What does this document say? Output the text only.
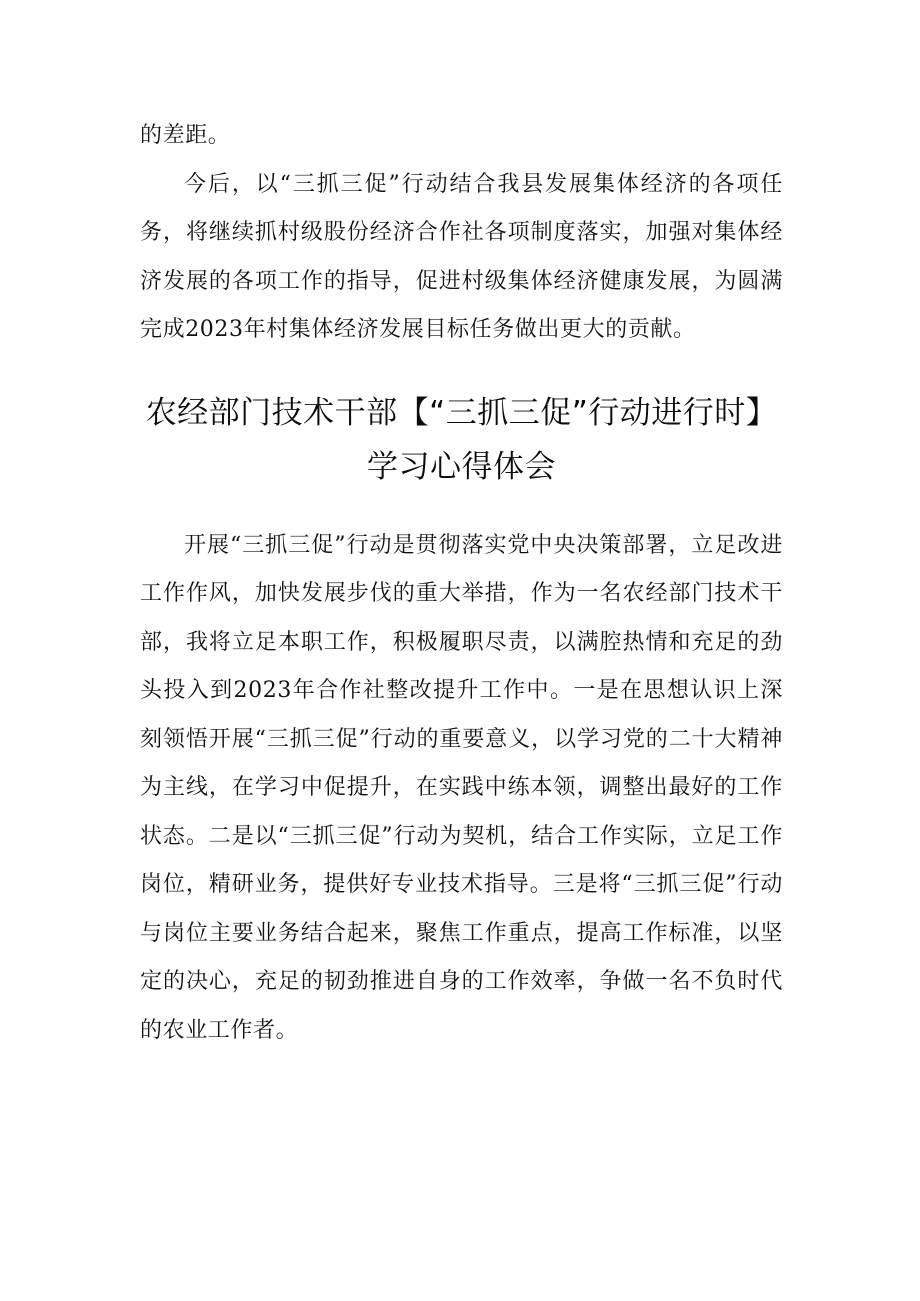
的差距。

今后，以“三抓三促”行动结合我县发展集体经济的各项任务，将继续抓村级股份经济合作社各项制度落实，加强对集体经济发展的各项工作的指导，促进村级集体经济健康发展，为圆满完成2023年村集体经济发展目标任务做出更大的贡献。

农经部门技术干部【“三抓三促”行动进行时】学习心得体会

开展“三抓三促”行动是贯彻落实党中央决策部署，立足改进工作作风，加快发展步伐的重大举措，作为一名农经部门技术干部，我将立足本职工作，积极履职尽责，以满腔热情和充足的劲头投入到2023年合作社整改提升工作中。一是在思想认识上深刻领悟开展“三抓三促”行动的重要意义，以学习党的二十大精神为主线，在学习中促提升，在实践中练本领，调整出最好的工作状态。二是以“三抓三促”行动为契机，结合工作实际，立足工作岗位，精研业务，提供好专业技术指导。三是将“三抓三促”行动与岗位主要业务结合起来，聚焦工作重点，提高工作标准，以坚定的决心，充足的韧劲推进自身的工作效率，争做一名不负时代的农业工作者。
